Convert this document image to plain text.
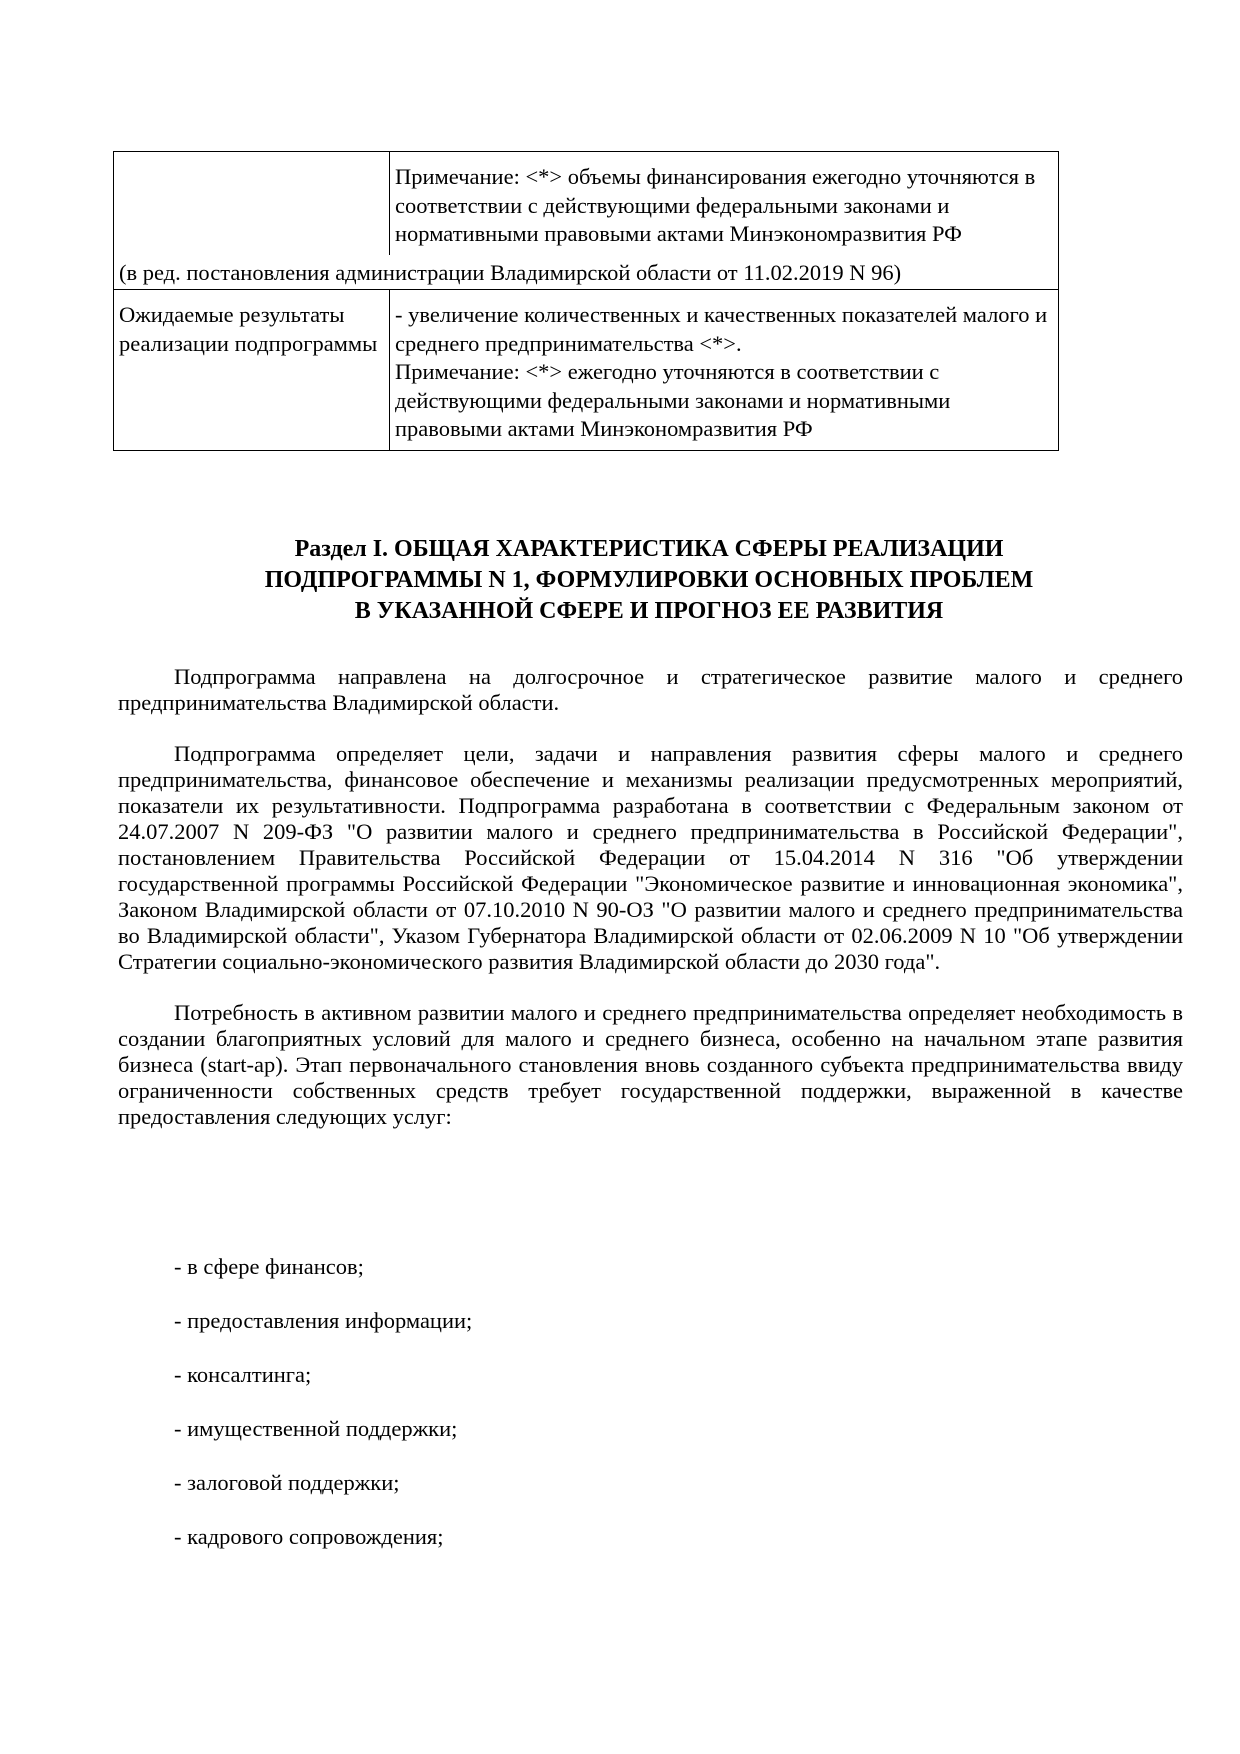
	Примечание: <*> объемы финансирования ежегодно уточняются в соответствии с действующими федеральными законами и нормативными правовыми актами Минэкономразвития РФ
(в ред. постановления администрации Владимирской области от 11.02.2019 N 96)	
Ожидаемые результаты реализации подпрограммы	- увеличение количественных и качественных показателей малого и среднего предпринимательства <*>.
Примечание: <*> ежегодно уточняются в соответствии с действующими федеральными законами и нормативными правовыми актами Минэкономразвития РФ
Раздел I. ОБЩАЯ ХАРАКТЕРИСТИКА СФЕРЫ РЕАЛИЗАЦИИ
ПОДПРОГРАММЫ N 1, ФОРМУЛИРОВКИ ОСНОВНЫХ ПРОБЛЕМ
В УКАЗАННОЙ СФЕРЕ И ПРОГНОЗ ЕЕ РАЗВИТИЯ

Подпрограмма направлена на долгосрочное и стратегическое развитие малого и среднего предпринимательства Владимирской области.

Подпрограмма определяет цели, задачи и направления развития сферы малого и среднего предпринимательства, финансовое обеспечение и механизмы реализации предусмотренных мероприятий, показатели их результативности. Подпрограмма разработана в соответствии с Федеральным законом от 24.07.2007 N 209-ФЗ "О развитии малого и среднего предпринимательства в Российской Федерации", постановлением Правительства Российской Федерации от 15.04.2014 N 316 "Об утверждении государственной программы Российской Федерации "Экономическое развитие и инновационная экономика", Законом Владимирской области от 07.10.2010 N 90-ОЗ "О развитии малого и среднего предпринимательства во Владимирской области", Указом Губернатора Владимирской области от 02.06.2009 N 10 "Об утверждении Стратегии социально-экономического развития Владимирской области до 2030 года".

Потребность в активном развитии малого и среднего предпринимательства определяет необходимость в создании благоприятных условий для малого и среднего бизнеса, особенно на начальном этапе развития бизнеса (start-ap). Этап первоначального становления вновь созданного субъекта предпринимательства ввиду ограниченности собственных средств требует государственной поддержки, выраженной в качестве предоставления следующих услуг:

- в сфере финансов;
- предоставления информации;
- консалтинга;
- имущественной поддержки;
- залоговой поддержки;
- кадрового сопровождения;
